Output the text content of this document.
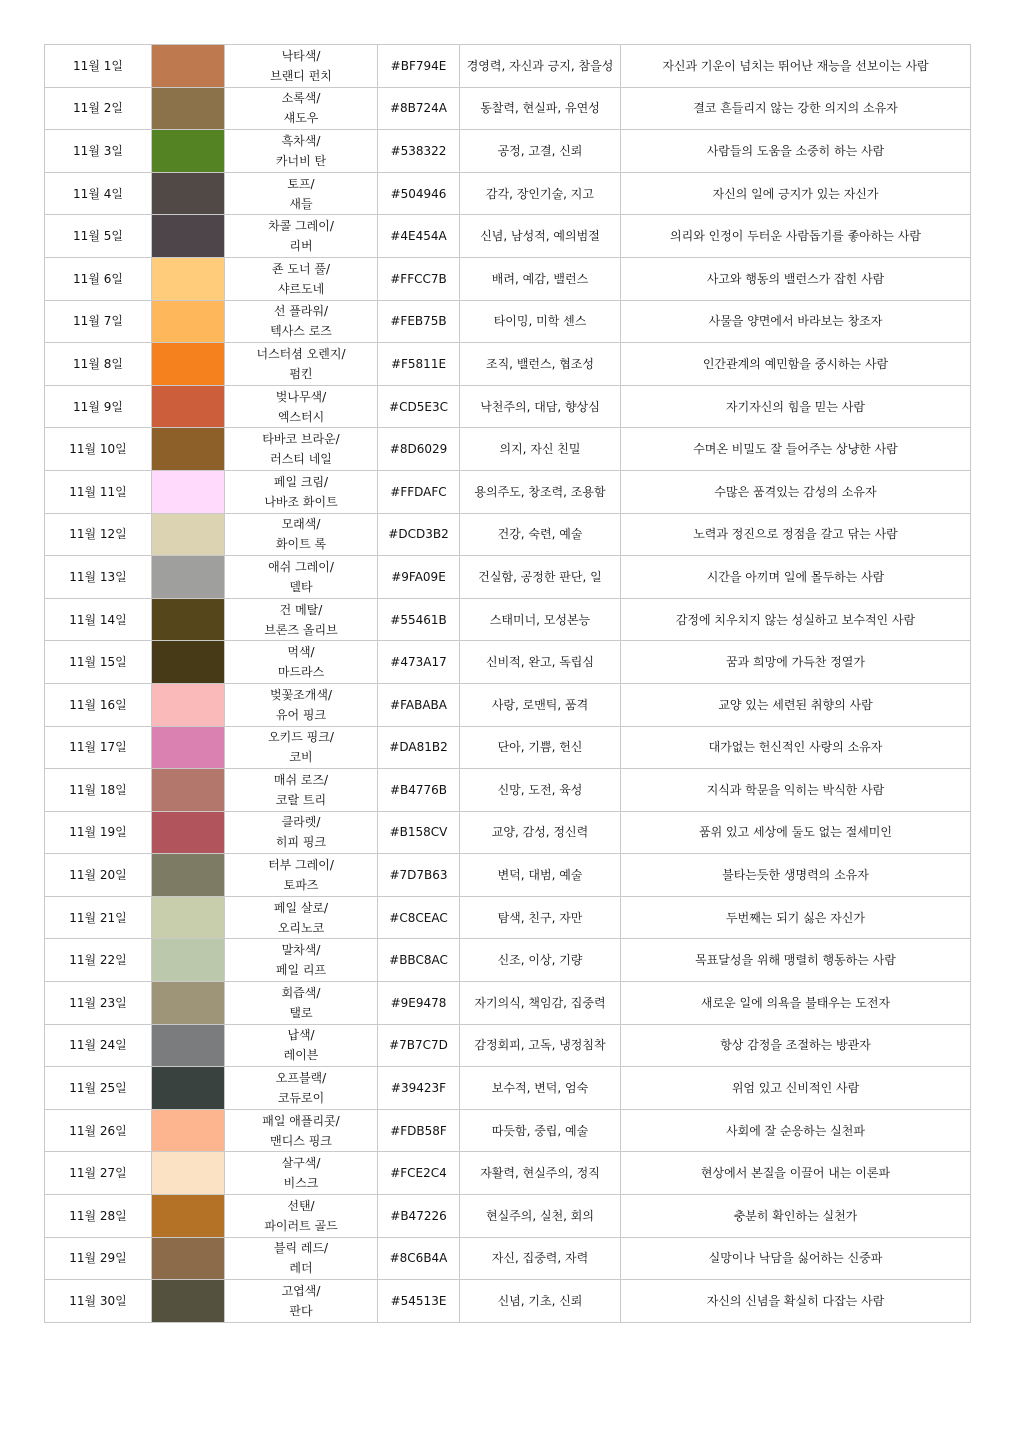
11월 1일		낙타색/
브랜디 펀치	#BF794E	경영력, 자신과 긍지, 참을성	자신과 기운이 넘치는 뛰어난 재능을 선보이는 사람
11월 2일		소록색/
섀도우	#8B724A	동찰력, 현실파, 유연성	결코 흔들리지 않는 강한 의지의 소유자
11월 3일		흑차색/
카너비 탄	#538322	공정, 고결, 신뢰	사람들의 도움을 소중히 하는 사람
11월 4일		토프/
새들	#504946	감각, 장인기술, 지고	자신의 일에 긍지가 있는 자신가
11월 5일		차콜 그레이/
리버	#4E454A	신념, 남성적, 예의범절	의리와 인정이 두터운 사람돕기를 좋아하는 사람
11월 6일		죤 도너 풀/
샤르도네	#FFCC7B	배려, 예감, 밸런스	사고와 행동의 밸런스가 잡힌 사람
11월 7일		선 플라워/
텍사스 로즈	#FEB75B	타이밍, 미학 센스	사물을 양면에서 바라보는 창조자
11월 8일		너스터셤 오렌지/
펌킨	#F5811E	조직, 밸런스, 협조성	인간관계의 예민함을 중시하는 사람
11월 9일		벚나무색/
엑스터시	#CD5E3C	낙천주의, 대담, 향상심	자기자신의 힘을 믿는 사람
11월 10일		타바코 브라운/
러스티 네일	#8D6029	의지, 자신 친밀	수며온 비밀도 잘 들어주는 상냥한 사람
11월 11일		페일 크림/
나바조 화이트	#FFDAFC	용의주도, 창조력, 조용함	수많은 품격있는 감성의 소유자
11월 12일		모래색/
화이트 록	#DCD3B2	건강, 숙련, 예술	노력과 정진으로 정점을 갈고 닦는 사람
11월 13일		애쉬 그레이/
델타	#9FA09E	건실함, 공정한 판단, 일	시간을 아끼며 일에 몰두하는 사람
11월 14일		건 메탈/
브론즈 올리브	#55461B	스태미너, 모성본능	감정에 치우치지 않는 성실하고 보수적인 사람
11월 15일		먹색/
마드라스	#473A17	신비적, 완고, 독립심	꿈과 희망에 가득찬 정열가
11월 16일		벚꽃조개색/
유어 핑크	#FABABA	사랑, 로맨틱, 품격	교양 있는 세련된 취향의 사람
11월 17일		오키드 핑크/
코비	#DA81B2	단아, 기쁨, 헌신	대가없는 헌신적인 사랑의 소유자
11월 18일		매쉬 로즈/
코랄 트리	#B4776B	신망, 도전, 육성	지식과 학문을 익히는 박식한 사람
11월 19일		클라렛/
히피 핑크	#B158CV	교양, 감성, 정신력	품위 있고 세상에 둘도 없는 절세미인
11월 20일		터부 그레이/
토파즈	#7D7B63	변덕, 대범, 예술	불타는듯한 생명력의 소유자
11월 21일		페일 살로/
오리노코	#C8CEAC	탐색, 친구, 자만	두번째는 되기 싫은 자신가
11월 22일		말차색/
페일 리프	#BBC8AC	신조, 이상, 기량	목표달성을 위해 맹렬히 행동하는 사람
11월 23일		회즙색/
탤로	#9E9478	자기의식, 책임감, 집중력	새로운 일에 의욕을 불태우는 도전자
11월 24일		납색/
레이븐	#7B7C7D	감정회피, 고독, 냉정침착	항상 감정을 조절하는 방관자
11월 25일		오프블랙/
코듀로이	#39423F	보수적, 변덕, 엄숙	위엄 있고 신비적인 사람
11월 26일		패일 애플리콧/
맨디스 핑크	#FDB58F	따듯함, 중립, 예술	사회에 잘 순응하는 실천파
11월 27일		살구색/
비스크	#FCE2C4	자활력, 현실주의, 정직	현상에서 본질을 이끌어 내는 이론파
11월 28일		선탠/
파이러트 골드	#B47226	현실주의, 실천, 회의	충분히 확인하는 실천가
11월 29일		블릭 레드/
레더	#8C6B4A	자신, 집중력, 자력	실망이나 낙담을 싫어하는 신중파
11월 30일		고엽색/
판다	#54513E	신념, 기초, 신뢰	자신의 신념을 확실히 다잡는 사람
